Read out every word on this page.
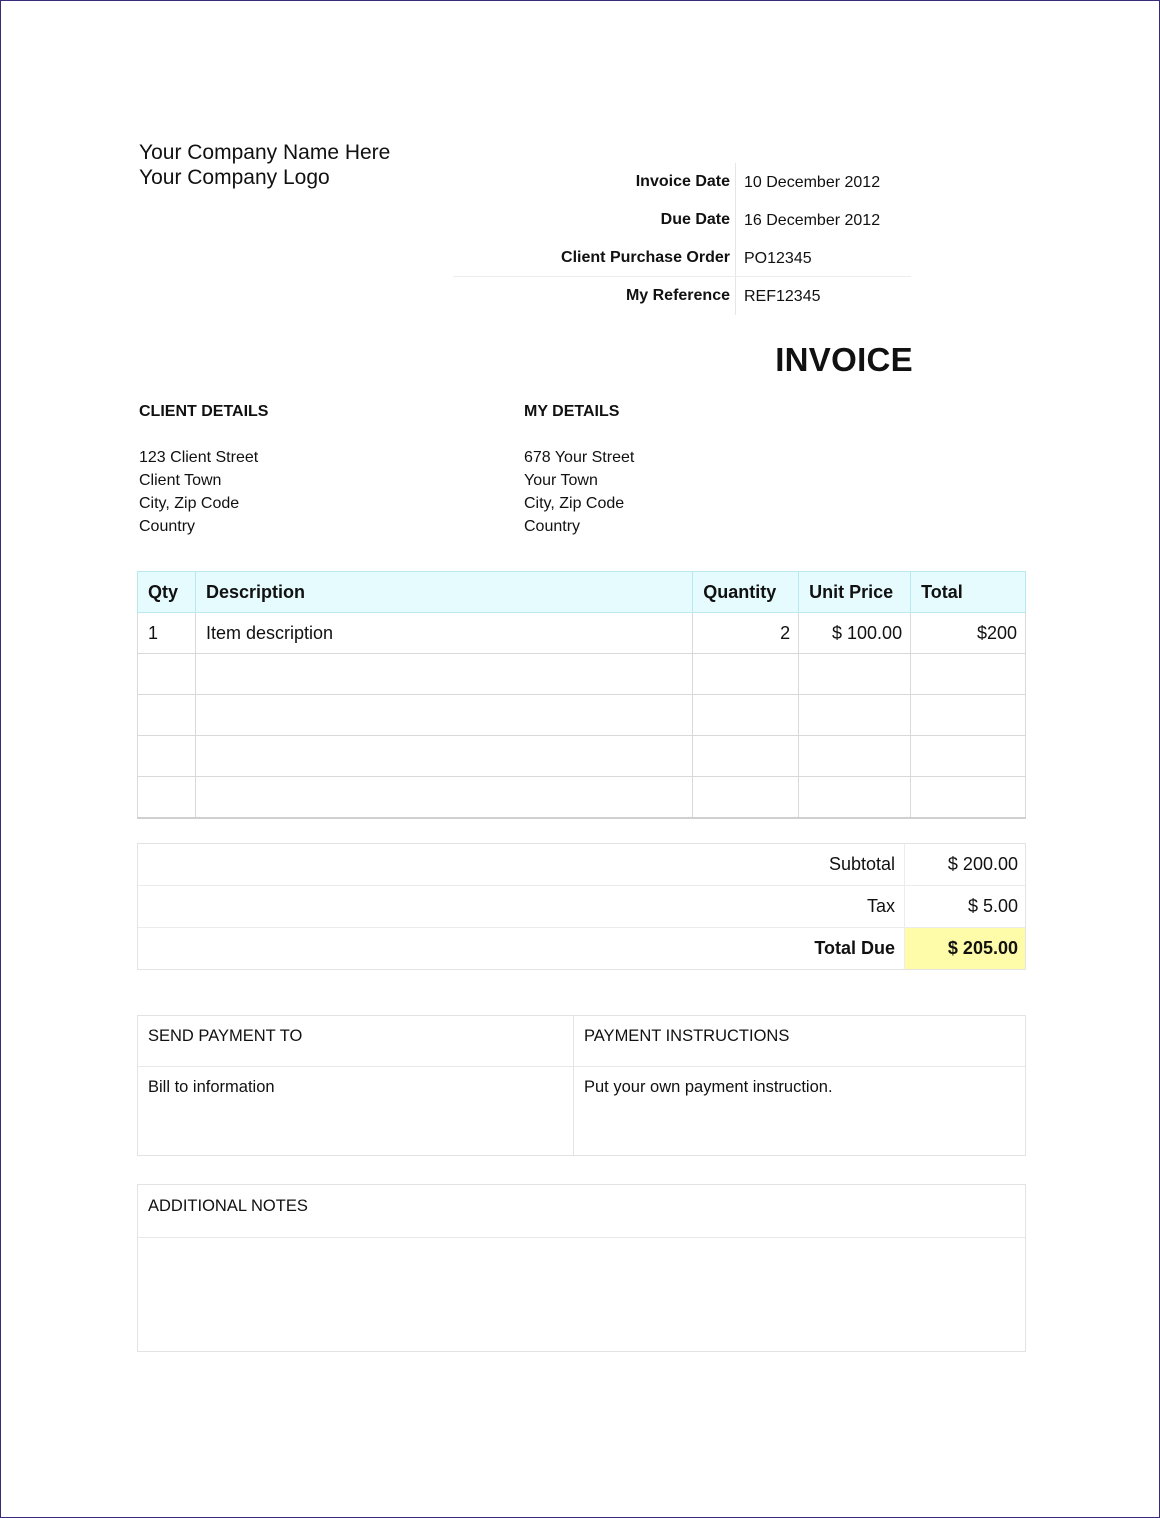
Your Company Name Here
Your Company Logo	Invoice Date 10 December 2012
Due Date 16 December 2012
Client Purchase Order PO12345
My Reference REF12345
INVOICE
CLIENT DETAILS
123 Client Street
Client Town
City, Zip Code
Country
MY DETAILS
678 Your Street
Your Town
City, Zip Code
Country
Qty	Description	Quantity	Unit Price	Total
1	Item description	2	$ 100.00	$200

Subtotal	$ 200.00
Tax	$ 5.00
Total Due	$ 205.00
SEND PAYMENT TO
Bill to information
PAYMENT INSTRUCTIONS
Put your own payment instruction.
ADDITIONAL NOTES
